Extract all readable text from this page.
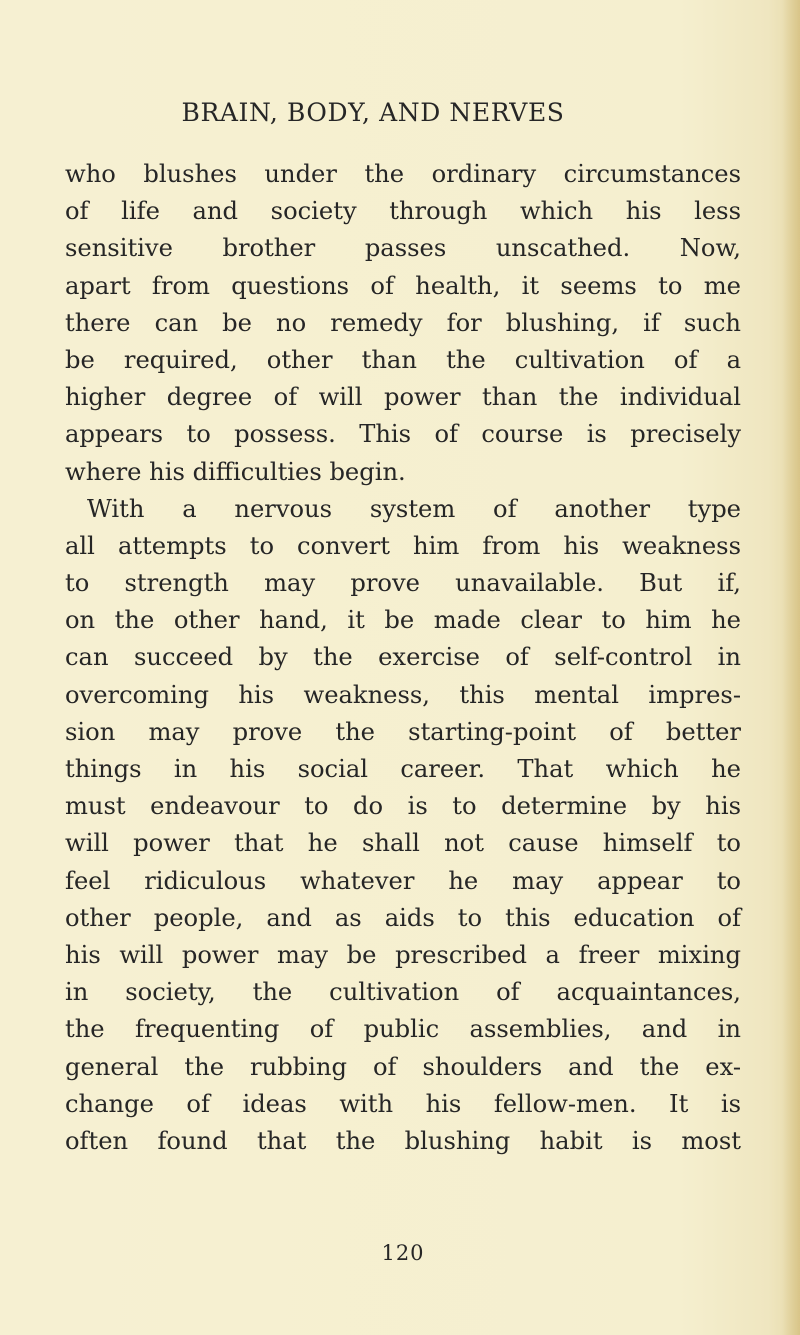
BRAIN, BODY, AND NERVES
who blushes under the ordinary circumstances
of life and society through which his less
sensitive brother passes unscathed. Now,
apart from questions of health, it seems to me
there can be no remedy for blushing, if such
be required, other than the cultivation of a
higher degree of will power than the individual
appears to possess. This of course is precisely
where his difficulties begin.
With a nervous system of another type
all attempts to convert him from his weakness
to strength may prove unavailable. But if,
on the other hand, it be made clear to him he
can succeed by the exercise of self-control in
overcoming his weakness, this mental impres-
sion may prove the starting-point of better
things in his social career. That which he
must endeavour to do is to determine by his
will power that he shall not cause himself to
feel ridiculous whatever he may appear to
other people, and as aids to this education of
his will power may be prescribed a freer mixing
in society, the cultivation of acquaintances,
the frequenting of public assemblies, and in
general the rubbing of shoulders and the ex-
change of ideas with his fellow-men. It is
often found that the blushing habit is most
120
